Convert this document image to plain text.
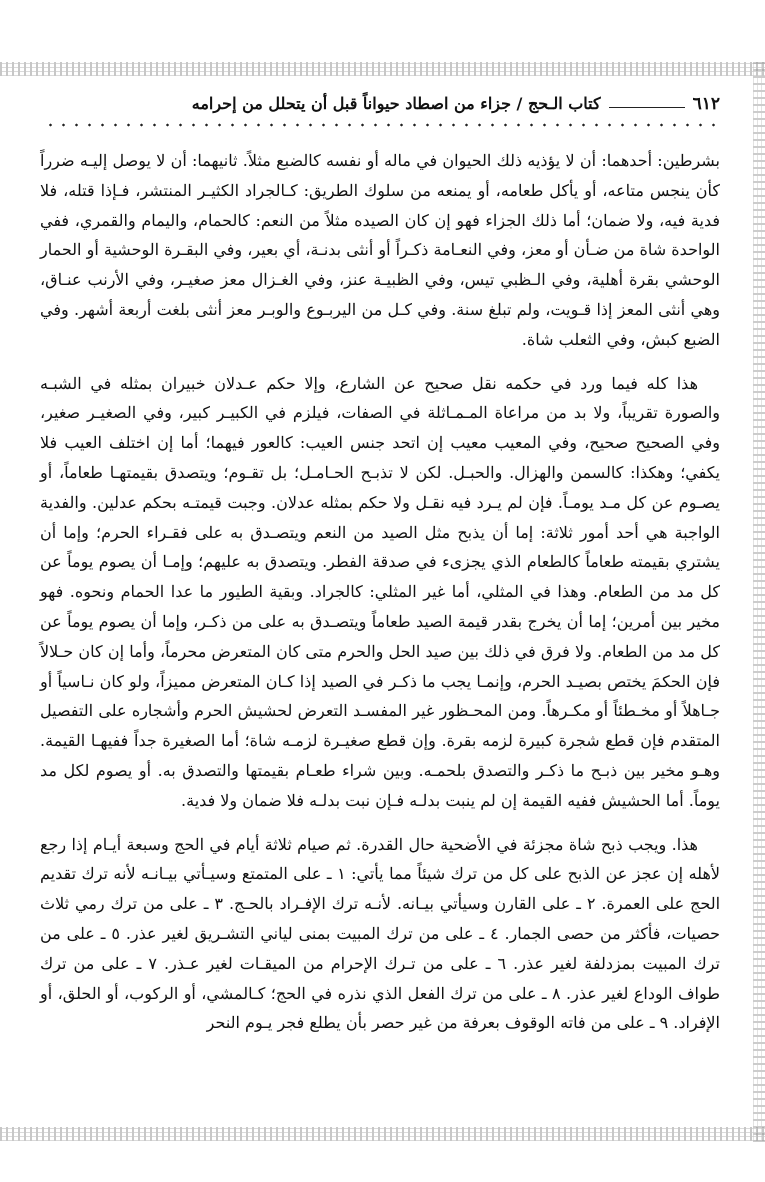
٦١٢
كتاب الـحج / جزاء من اصطاد حيواناً قبل أن يتحلل من إحرامه

بشرطين: أحدهما: أن لا يؤذيه ذلك الحيوان في ماله أو نفسه كالضبع مثلاً. ثانيهما: أن لا يوصل إليـه ضرراً كأن ينجس متاعه، أو يأكل طعامه، أو يمنعه من سلوك الطريق: كـالجراد الكثيـر المنتشر، فـإذا قتله، فلا فدية فيه، ولا ضمان؛ أما ذلك الجزاء فهو إن كان الصيده مثلاً من النعم: كالحمام، واليمام والقمري، ففي الواحدة شاة من ضـأن أو معز، وفي النعـامة ذكـراً أو أنثى بدنـة، أي بعير، وفي البقـرة الوحشية أو الحمار الوحشي بقرة أهلية، وفي الـظبي تيس، وفي الظبيـة عنز، وفي الغـزال معز صغيـر، وفي الأرنب عنـاق، وهي أنثى المعز إذا قـويت، ولم تبلغ سنة. وفي كـل من اليربـوع والوبـر معز أنثى بلغت أربعة أشهر. وفي الضبع كبش، وفي الثعلب شاة.

هذا كله فيما ورد في حكمه نقل صحيح عن الشارع، وإلا حكم عـدلان خبيران بمثله في الشبـه والصورة تقريباً، ولا بد من مراعاة المـمـاثلة في الصفات، فيلزم في الكبيـر كبير، وفي الصغيـر صغير، وفي الصحيح صحيح، وفي المعيب معيب إن اتحد جنس العيب: كالعور فيهما؛ أما إن اختلف العيب فلا يكفي؛ وهكذا: كالسمن والهزال. والحبـل. لكن لا تذبـح الحـامـل؛ بل تقـوم؛ ويتصدق بقيمتهـا طعاماً، أو يصـوم عن كل مـد يومـاً. فإن لم يـرد فيه نقـل ولا حكم بمثله عدلان. وجبت قيمتـه بحكم عدلين. والفدية الواجبة هي أحد أمور ثلاثة: إما أن يذبح مثل الصيد من النعم ويتصـدق به على فقـراء الحرم؛ وإما أن يشتري بقيمته طعاماً كالطعام الذي يجزىء في صدقة الفطر. ويتصدق به عليهم؛ وإمـا أن يصوم يوماً عن كل مد من الطعام. وهذا في المثلي، أما غير المثلي: كالجراد. وبقية الطيور ما عدا الحمام ونحوه. فهو مخير بين أمرين؛ إما أن يخرج بقدر قيمة الصيد طعاماً ويتصـدق به على من ذكـر، وإما أن يصوم يوماً عن كل مد من الطعام. ولا فرق في ذلك بين صيد الحل والحرم متى كان المتعرض محرماً، وأما إن كان حـلالاً فإن الحكمَ يختص بصيـد الحرم، وإنمـا يجب ما ذكـر في الصيد إذا كـان المتعرض مميزاً، ولو كان نـاسياً أو جـاهلاً أو مخـطئاً أو مكـرهاً. ومن المحـظور غير المفسـد التعرض لحشيش الحرم وأشجاره على التفصيل المتقدم فإن قطع شجرة كبيرة لزمه بقرة. وإن قطع صغيـرة لزمـه شاة؛ أما الصغيرة جداً ففيهـا القيمة. وهـو مخير بين ذبـح ما ذكـر والتصدق بلحمـه. وبين شراء طعـام بقيمتها والتصدق به. أو يصوم لكل مد يوماً. أما الحشيش ففيه القيمة إن لم ينبت بدلـه فـإن نبت بدلـه فلا ضمان ولا فدية.

هذا. ويجب ذبح شاة مجزئة في الأضحية حال القدرة. ثم صيام ثلاثة أيام في الحج وسبعة أيـام إذا رجع لأهله إن عجز عن الذبح على كل من ترك شيئاً مما يأتي: ١ ـ على المتمتع وسيـأتي بيـانـه لأنه ترك تقديم الحج على العمرة. ٢ ـ على القارن وسيأتي بيـانه. لأنـه ترك الإفـراد بالحـج. ٣ ـ على من ترك رمي ثلاث حصيات، فأكثر من حصى الجمار. ٤ ـ على من ترك المبيت بمنى لياني التشـريق لغير عذر. ٥ ـ على من ترك المبيت بمزدلفة لغير عذر. ٦ ـ على من تـرك الإحرام من الميقـات لغير عـذر. ٧ ـ على من ترك طواف الوداع لغير عذر. ٨ ـ على من ترك الفعل الذي نذره في الحج؛ كـالمشي، أو الركوب، أو الحلق، أو الإفراد. ٩ ـ على من فاته الوقوف بعرفة من غير حصر بأن يطلع فجر يـوم النحر
